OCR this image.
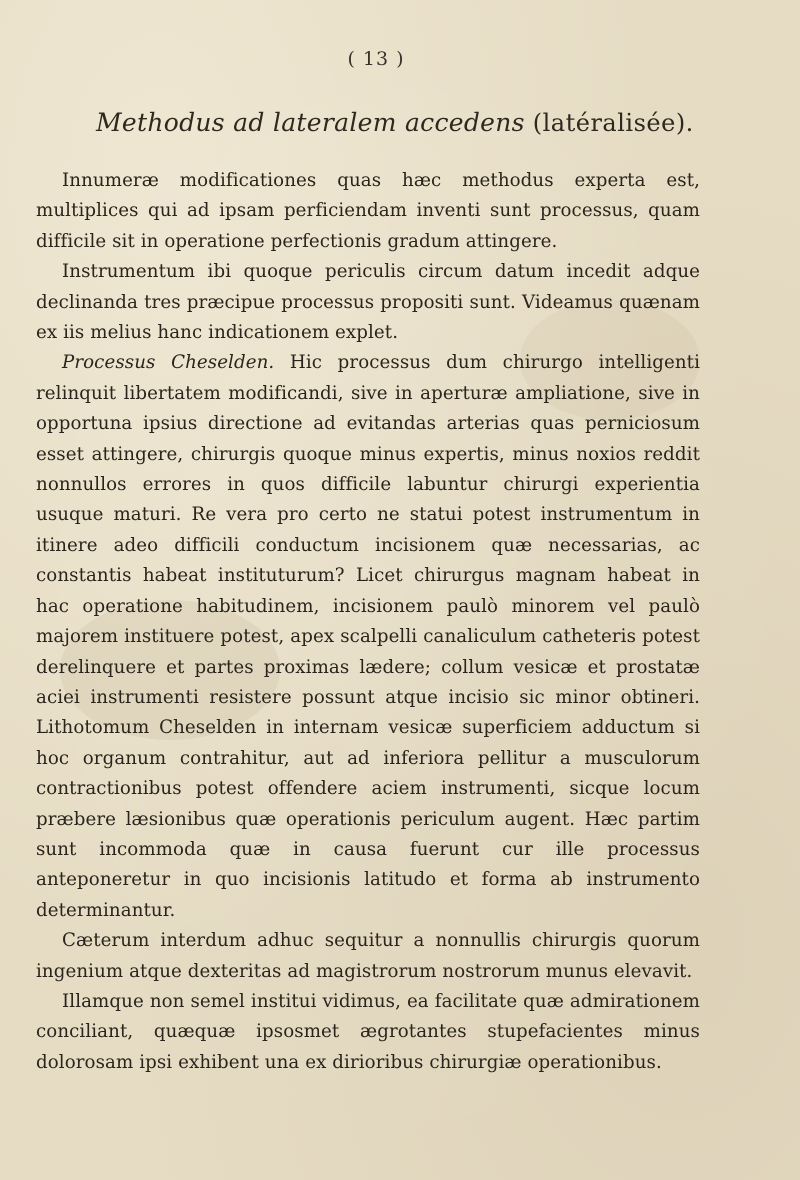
( 13 )
Methodus ad lateralem accedens (latéralisée).

Innumeræ modificationes quas hæc methodus experta est, multiplices qui ad ipsam perficiendam inventi sunt processus, quam difficile sit in operatione perfectionis gradum attingere.

Instrumentum ibi quoque periculis circum datum incedit adque declinanda tres præcipue processus propositi sunt. Videamus quænam ex iis melius hanc indicationem explet.

Processus Cheselden. Hic processus dum chirurgo intelligenti relinquit libertatem modificandi, sive in aperturæ ampliatione, sive in opportuna ipsius directione ad evitandas arterias quas perniciosum esset attingere, chirurgis quoque minus expertis, minus noxios reddit nonnullos errores in quos difficile labuntur chirurgi experientia usuque maturi. Re vera pro certo ne statui potest instrumentum in itinere adeo difficili conductum incisionem quæ necessarias, ac constantis habeat instituturum? Licet chirurgus magnam habeat in hac operatione habitudinem, incisionem paulò minorem vel paulò majorem instituere potest, apex scalpelli canaliculum catheteris potest derelinquere et partes proximas lædere; collum vesicæ et prostatæ aciei instrumenti resistere possunt atque incisio sic minor obtineri. Lithotomum Cheselden in internam vesicæ superficiem adductum si hoc organum contrahitur, aut ad inferiora pellitur a musculorum contractionibus potest offendere aciem instrumenti, sicque locum præbere læsionibus quæ operationis periculum augent. Hæc partim sunt incommoda quæ in causa fuerunt cur ille processus anteponeretur in quo incisionis latitudo et forma ab instrumento determinantur.

Cæterum interdum adhuc sequitur a nonnullis chirurgis quorum ingenium atque dexteritas ad magistrorum nostrorum munus elevavit.

Illamque non semel institui vidimus, ea facilitate quæ admirationem conciliant, quæquæ ipsosmet ægrotantes stupefacientes minus dolorosam ipsi exhibent una ex dirioribus chirurgiæ operationibus.
